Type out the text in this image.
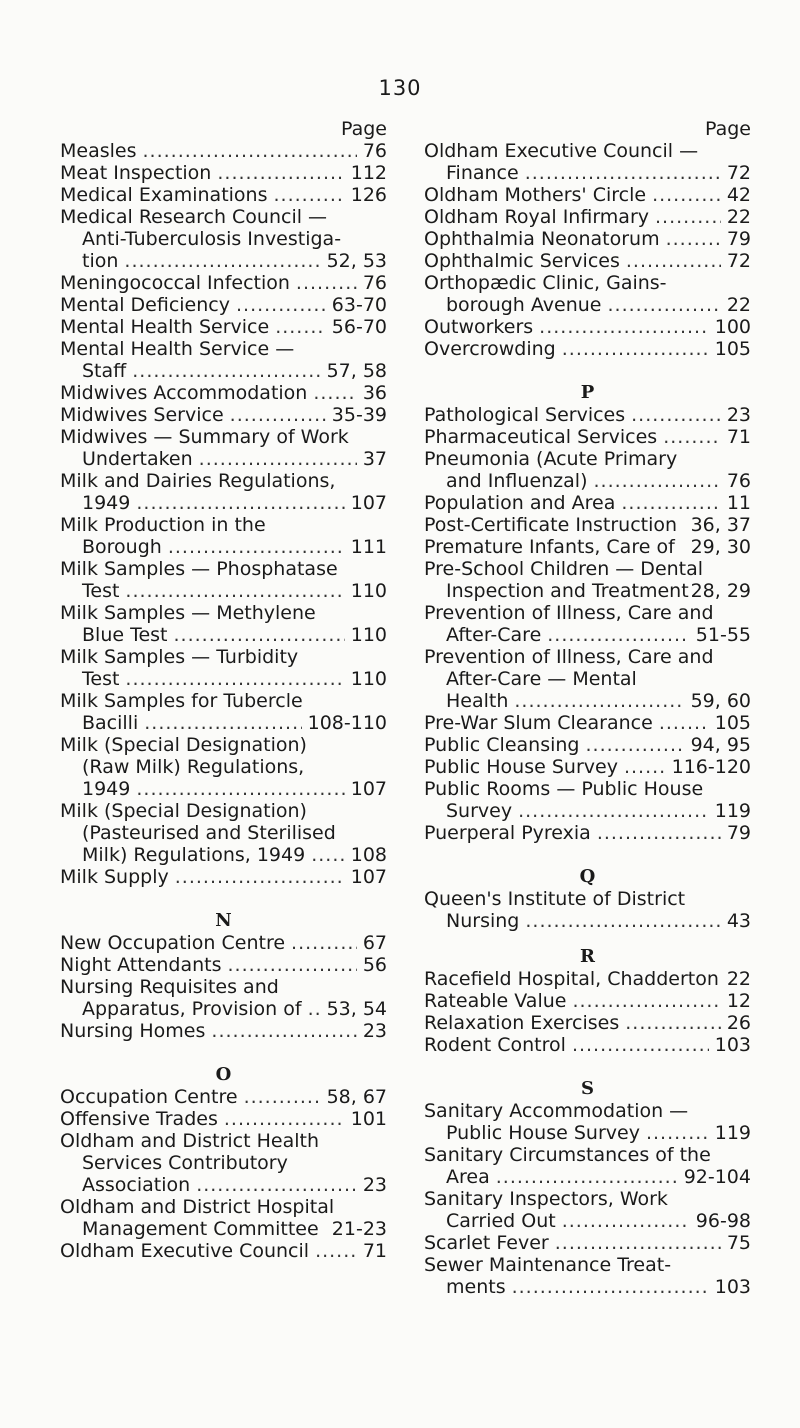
130
Page
Measles .....	76
Meat Inspection .....	112
Medical Examinations .....	126
Medical Research Council —
Anti-Tuberculosis Investiga-
tion .....	52, 53
Meningococcal Infection .....	76
Mental Deficiency .....	63-70
Mental Health Service .....	56-70
Mental Health Service —
Staff .....	57, 58
Midwives Accommodation .....	36
Midwives Service .....	35-39
Midwives — Summary of Work
Undertaken .....	37
Milk and Dairies Regulations,
1949 .....	107
Milk Production in the
Borough .....	111
Milk Samples — Phosphatase
Test .....	110
Milk Samples — Methylene
Blue Test .....	110
Milk Samples — Turbidity
Test .....	110
Milk Samples for Tubercle
Bacilli .....	108-110
Milk (Special Designation)
(Raw Milk) Regulations,
1949 .....	107
Milk (Special Designation)
(Pasteurised and Sterilised
Milk) Regulations, 1949 ..... 108
Milk Supply .....	107
N
New Occupation Centre .....	67
Night Attendants .....	56
Nursing Requisites and
Apparatus, Provision of ..... 53, 54
Nursing Homes .....	23
O
Occupation Centre .....	58, 67
Offensive Trades .....	101
Oldham and District Health
Services Contributory
Association .....	23
Oldham and District Hospital
Management Committee ..... 21-23
Oldham Executive Council .....	71
Page
Oldham Executive Council —
Finance .....	72
Oldham Mothers' Circle .....	42
Oldham Royal Infirmary .....	22
Ophthalmia Neonatorum .....	79
Ophthalmic Services .....	72
Orthopædic Clinic, Gains-
borough Avenue .....	22
Outworkers .....	100
Overcrowding .....	105
P
Pathological Services .....	23
Pharmaceutical Services .....	71
Pneumonia (Acute Primary
and Influenzal) .....	76
Population and Area .....	11
Post-Certificate Instruction 36, 37
Premature Infants, Care of 29, 30
Pre-School Children — Dental
Inspection and Treatment 28, 29
Prevention of Illness, Care and
After-Care .....	51-55
Prevention of Illness, Care and
After-Care — Mental
Health .....	59, 60
Pre-War Slum Clearance .....	105
Public Cleansing .....	94, 95
Public House Survey .....	116-120
Public Rooms — Public House
Survey .....	119
Puerperal Pyrexia .....	79
Q
Queen's Institute of District
Nursing .....	43
R
Racefield Hospital, Chadderton 22
Rateable Value .....	12
Relaxation Exercises .....	26
Rodent Control .....	103
S
Sanitary Accommodation —
Public House Survey .....	119
Sanitary Circumstances of the
Area .....	92-104
Sanitary Inspectors, Work
Carried Out .....	96-98
Scarlet Fever .....	75
Sewer Maintenance Treat-
ments .....	103
